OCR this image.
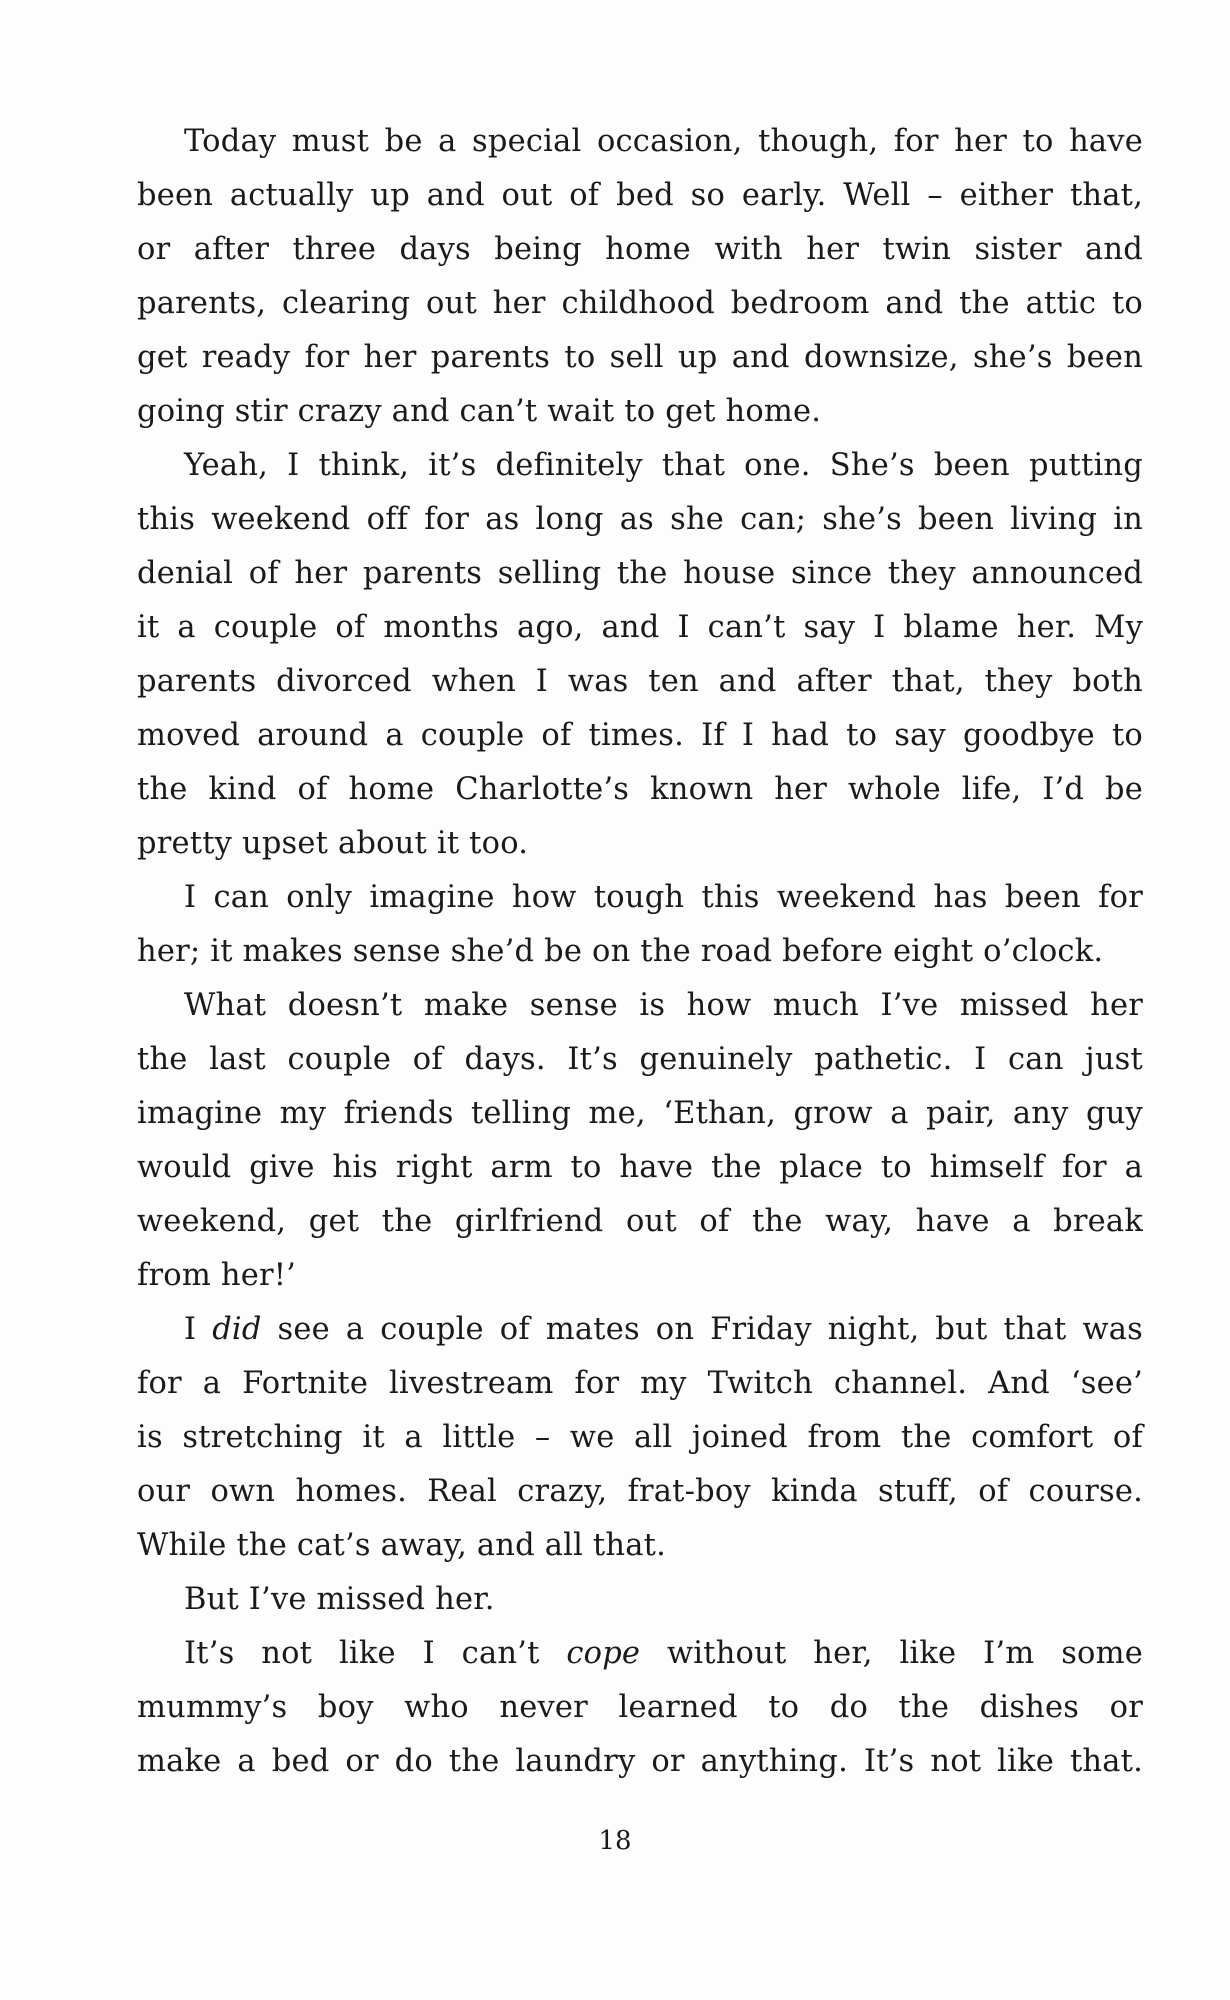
Today must be a special occasion, though, for her to have
been actually up and out of bed so early. Well – either that,
or after three days being home with her twin sister and
parents, clearing out her childhood bedroom and the attic to
get ready for her parents to sell up and downsize, she’s been
going stir crazy and can’t wait to get home.
Yeah, I think, it’s definitely that one. She’s been putting
this weekend off for as long as she can; she’s been living in
denial of her parents selling the house since they announced
it a couple of months ago, and I can’t say I blame her. My
parents divorced when I was ten and after that, they both
moved around a couple of times. If I had to say goodbye to
the kind of home Charlotte’s known her whole life, I’d be
pretty upset about it too.
I can only imagine how tough this weekend has been for
her; it makes sense she’d be on the road before eight o’clock.
What doesn’t make sense is how much I’ve missed her
the last couple of days. It’s genuinely pathetic. I can just
imagine my friends telling me, ‘Ethan, grow a pair, any guy
would give his right arm to have the place to himself for a
weekend, get the girlfriend out of the way, have a break
from her!’
I did see a couple of mates on Friday night, but that was
for a Fortnite livestream for my Twitch channel. And ‘see’
is stretching it a little – we all joined from the comfort of
our own homes. Real crazy, frat-boy kinda stuff, of course.
While the cat’s away, and all that.
But I’ve missed her.
It’s not like I can’t cope without her, like I’m some
mummy’s boy who never learned to do the dishes or
make a bed or do the laundry or anything. It’s not like that.
18
